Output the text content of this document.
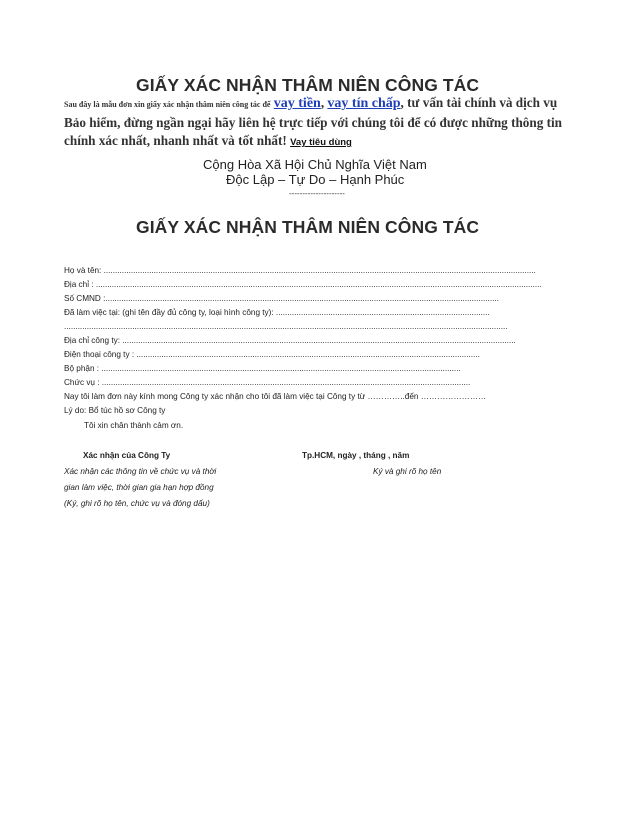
GIẤY XÁC NHẬN THÂM NIÊN CÔNG TÁC
Sau đây là mẫu đơn xin giấy xác nhận thâm niên công tác để vay tiền, vay tín chấp, tư vấn tài chính và dịch vụ Bảo hiểm, đừng ngần ngại hãy liên hệ trực tiếp với chúng tôi để có được những thông tin chính xác nhất, nhanh nhất và tốt nhất! Vay tiêu dùng
Cộng Hòa Xã Hội Chủ Nghĩa Việt Nam
Độc Lập – Tự Do – Hạnh Phúc
---------------------
GIẤY XÁC NHẬN THÂM NIÊN CÔNG TÁC
Họ và tên: ..............................................................................................................................................................................................
Địa chỉ : ....................................................................................................................................................................................................
Số CMND :.............................................................................................................................................................................
Đã làm việc tại: (ghi tên đầy đủ công ty, loại hình công ty): ..............................................................................................
...................................................................................................................................................................................................
Địa chỉ công ty: .............................................................................................................................................................................
Điện thoại công ty : .......................................................................................................................................................
Bộ phận : ..............................................................................................................................................................
Chức vụ : ..................................................................................................................................................................
Nay tôi làm đơn này kính mong Công ty xác nhận cho tôi đã làm việc tại Công ty từ …………..đến ……………………
Lý do: Bổ túc hồ sơ Công ty
Tôi xin chân thành cảm ơn.
Xác nhận của Công Ty	Tp.HCM, ngày , tháng , năm
Xác nhận các thông tin về chức vụ và thời	Ký và ghi rõ họ tên
gian làm việc, thời gian gia hạn hợp đồng
(Ký, ghi rõ họ tên, chức vụ và đóng dấu)
